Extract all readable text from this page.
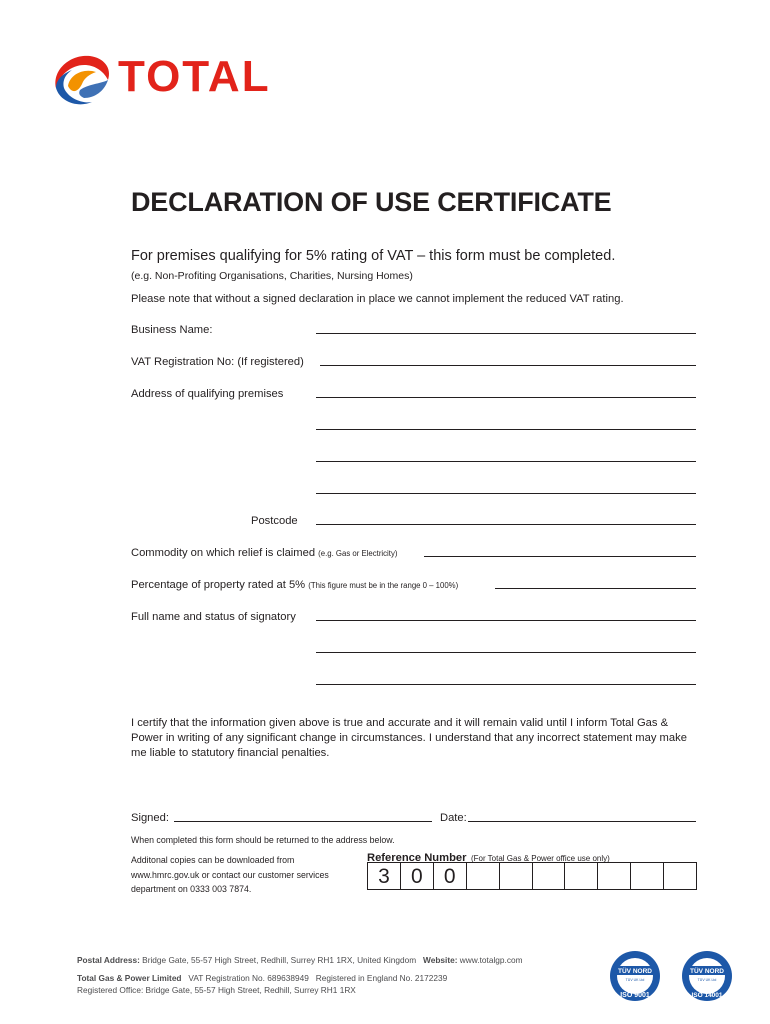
TOTAL
DECLARATION OF USE CERTIFICATE
For premises qualifying for 5% rating of VAT – this form must be completed.
(e.g. Non-Profiting Organisations, Charities, Nursing Homes)
Please note that without a signed declaration in place we cannot implement the reduced VAT rating.
Business Name:
VAT Registration No: (If registered)
Address of qualifying premises
Postcode
Commodity on which relief is claimed (e.g. Gas or Electricity)
Percentage of property rated at 5% (This figure must be in the range 0 – 100%)
Full name and status of signatory
I certify that the information given above is true and accurate and it will remain valid until I inform Total Gas & Power in writing of any significant change in circumstances. I understand that any incorrect statement may make me liable to statutory financial penalties.
Signed:	Date:
When completed this form should be returned to the address below.
Additonal copies can be downloaded from
www.hmrc.gov.uk or contact our customer services
department on 0333 003 7874.
Reference Number (For Total Gas & Power office use only)
3	0	0
Postal Address: Bridge Gate, 55-57 High Street, Redhill, Surrey RH1 1RX, United Kingdom Website: www.totalgp.com
Total Gas & Power Limited VAT Registration No. 689638949 Registered in England No. 2172239
Registered Office: Bridge Gate, 55-57 High Street, Redhill, Surrey RH1 1RX
TÜV NORD
TÜV UK Ltd
ISO 9001
TÜV NORD
TÜV UK Ltd
ISO 14001
